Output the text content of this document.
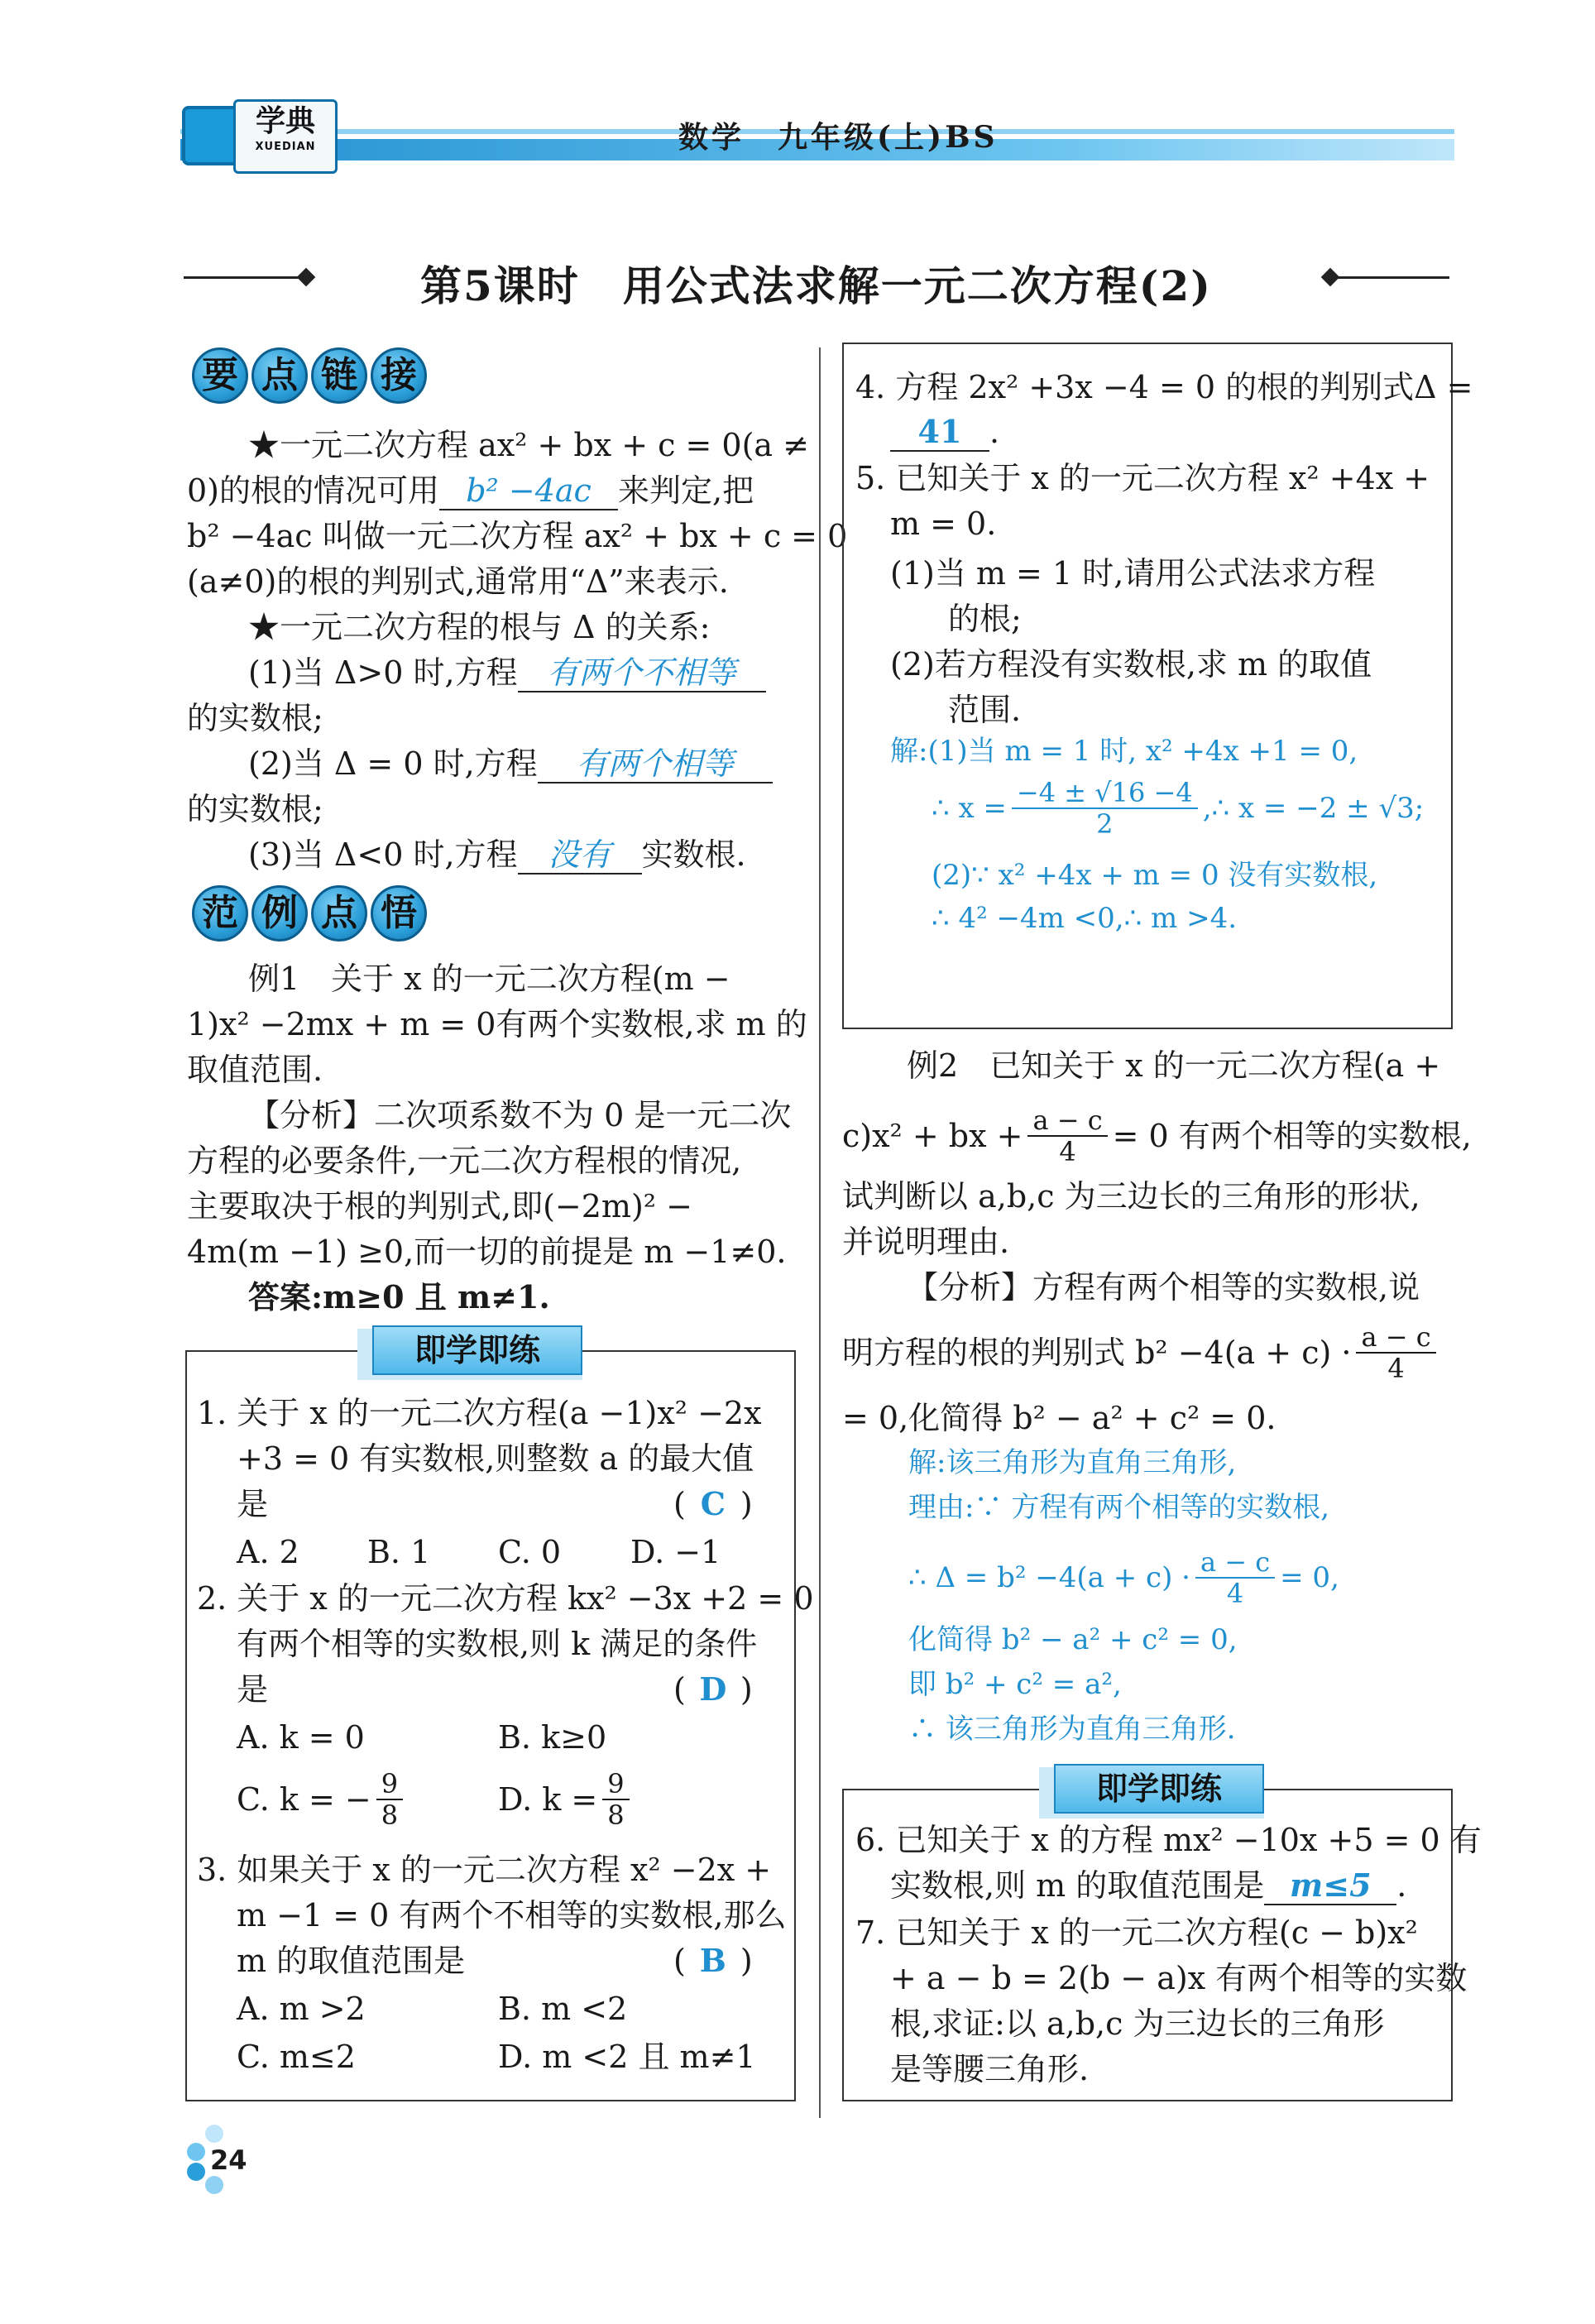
学典
XUEDIAN	数学　九年级(上)BS
第5课时　用公式法求解一元二次方程(2)
要 点 链 接
★一元二次方程 ax² + bx + c = 0(a ≠
0)的根的情况可用 b² −4ac 来判定,把
b² −4ac 叫做一元二次方程 ax² + bx + c = 0
(a≠0)的根的判别式,通常用“Δ”来表示.
★一元二次方程的根与 Δ 的关系:
(1)当 Δ>0 时,方程 有两个不相等
的实数根;
(2)当 Δ = 0 时,方程 有两个相等
的实数根;
(3)当 Δ<0 时,方程 没有 实数根.
范 例 点 悟
例1　关于 x 的一元二次方程(m −
1)x² −2mx + m = 0有两个实数根,求 m 的
取值范围.
【分析】二次项系数不为 0 是一元二次
方程的必要条件,一元二次方程根的情况,
主要取决于根的判别式,即(−2m)² −
4m(m −1) ≥0,而一切的前提是 m −1≠0.
答案:m≥0 且 m≠1.
即学即练
1. 关于 x 的一元二次方程(a −1)x² −2x
+3 = 0 有实数根,则整数 a 的最大值
是	( C )
A. 2 B. 1 C. 0 D. −1
2. 关于 x 的一元二次方程 kx² −3x +2 = 0
有两个相等的实数根,则 k 满足的条件
是	( D )
A. k = 0	B. k≥0
C. k = − $\frac{9}{8}$	D. $k = \frac{9}{8}$
3. 如果关于 x 的一元二次方程 x² −2x +
m −1 = 0 有两个不相等的实数根,那么
m 的取值范围是	( B )
A. m >2	B. m <2
C. m≤2	D. m <2 且 m≠1
4. 方程 2x² +3x −4 = 0 的根的判别式Δ =
41 .
5. 已知关于 x 的一元二次方程 x² +4x +
m = 0.
(1)当 m = 1 时,请用公式法求方程
的根;
(2)若方程没有实数根,求 m 的取值
范围.
解:(1)当 m = 1 时, x² +4x +1 = 0,
∴ $x = \frac{-4 \pm √16 -4}{2}$ ,∴ x = −2 ± √3;
(2)∵ x² +4x + m = 0 没有实数根,
∴ 4² −4m <0,∴ m >4.
例2　已知关于 x 的一元二次方程(a +
c)x² + bx + $\frac{a - c}{4} = 0$ 有两个相等的实数根,
试判断以 a,b,c 为三边长的三角形的形状,
并说明理由.
【分析】方程有两个相等的实数根,说
明方程的根的判别式 $b^2 -4(a + c) \cdot \frac{a - c}{4}$
= 0,化简得 b² − a² + c² = 0.
解:该三角形为直角三角形,
理由:∵ 方程有两个相等的实数根,
∴ $\Delta = b^2 -4(a + c) \cdot \frac{a - c}{4} = 0$,
化简得 b² − a² + c² = 0,
即 b² + c² = a²,
∴ 该三角形为直角三角形.
即学即练
6. 已知关于 x 的方程 mx² −10x +5 = 0 有
实数根,则 m 的取值范围是 m≤5 .
7. 已知关于 x 的一元二次方程(c − b)x²
+ a − b = 2(b − a)x 有两个相等的实数
根,求证:以 a,b,c 为三边长的三角形
是等腰三角形.
24
